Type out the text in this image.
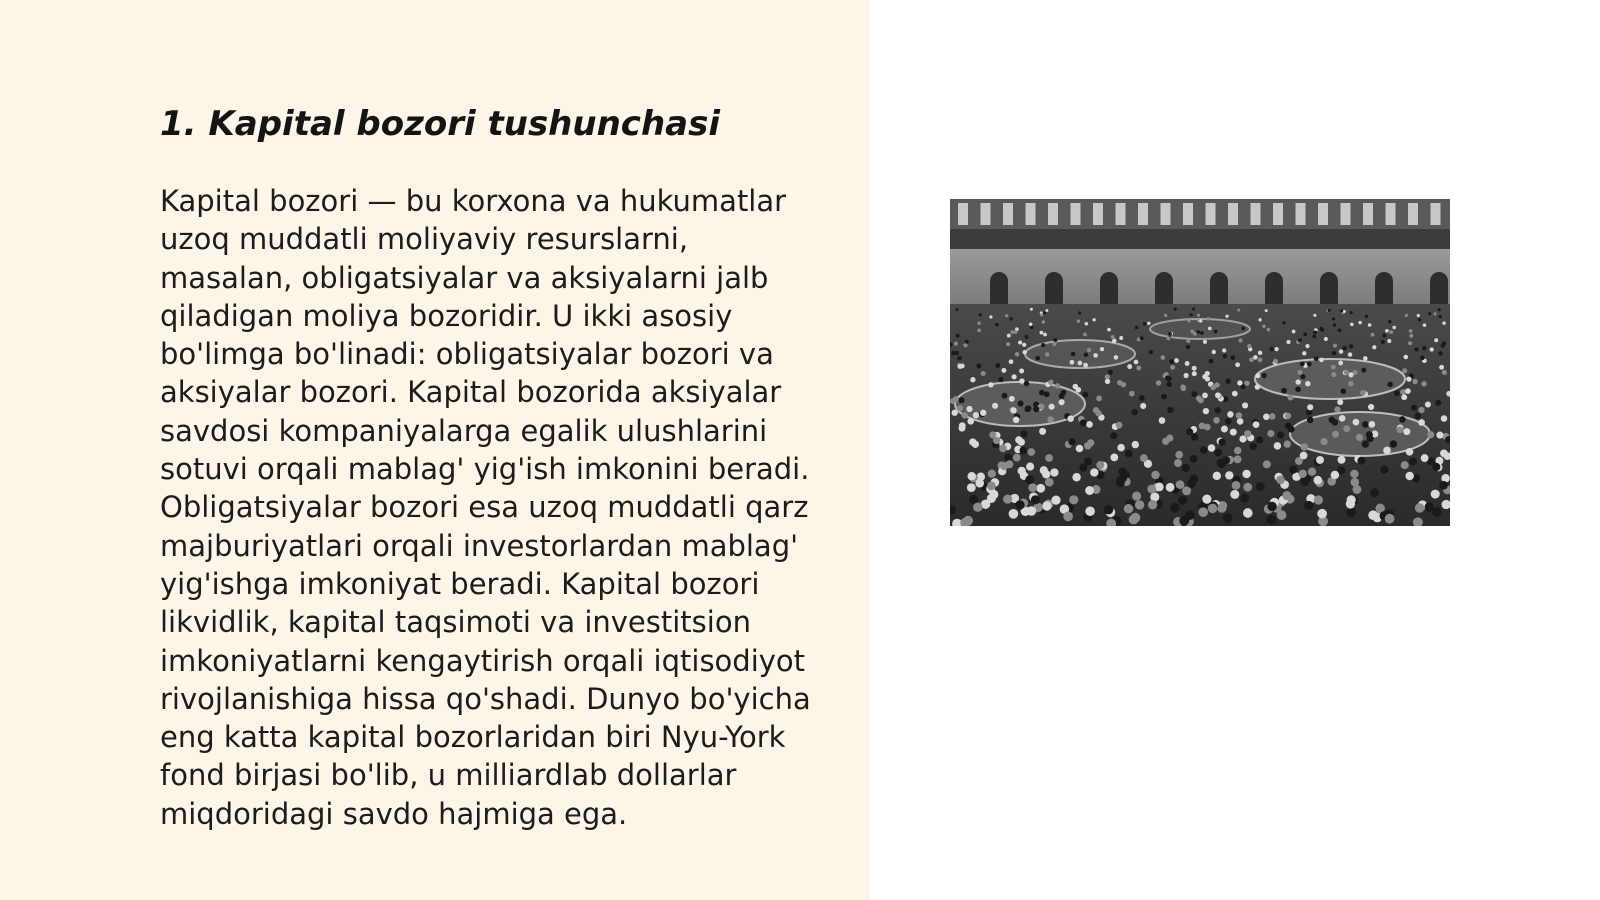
1. Kapital bozori tushunchasi

Kapital bozori — bu korxona va hukumatlar
uzoq muddatli moliyaviy resurslarni,
masalan, obligatsiyalar va aksiyalarni jalb
qiladigan moliya bozoridir. U ikki asosiy
bo'limga bo'linadi: obligatsiyalar bozori va
aksiyalar bozori. Kapital bozorida aksiyalar
savdosi kompaniyalarga egalik ulushlarini
sotuvi orqali mablag' yig'ish imkonini beradi.
Obligatsiyalar bozori esa uzoq muddatli qarz
majburiyatlari orqali investorlardan mablag'
yig'ishga imkoniyat beradi. Kapital bozori
likvidlik, kapital taqsimoti va investitsion
imkoniyatlarni kengaytirish orqali iqtisodiyot
rivojlanishiga hissa qo'shadi. Dunyo bo'yicha
eng katta kapital bozorlaridan biri Nyu-York
fond birjasi bo'lib, u milliardlab dollarlar
miqdoridagi savdo hajmiga ega.
